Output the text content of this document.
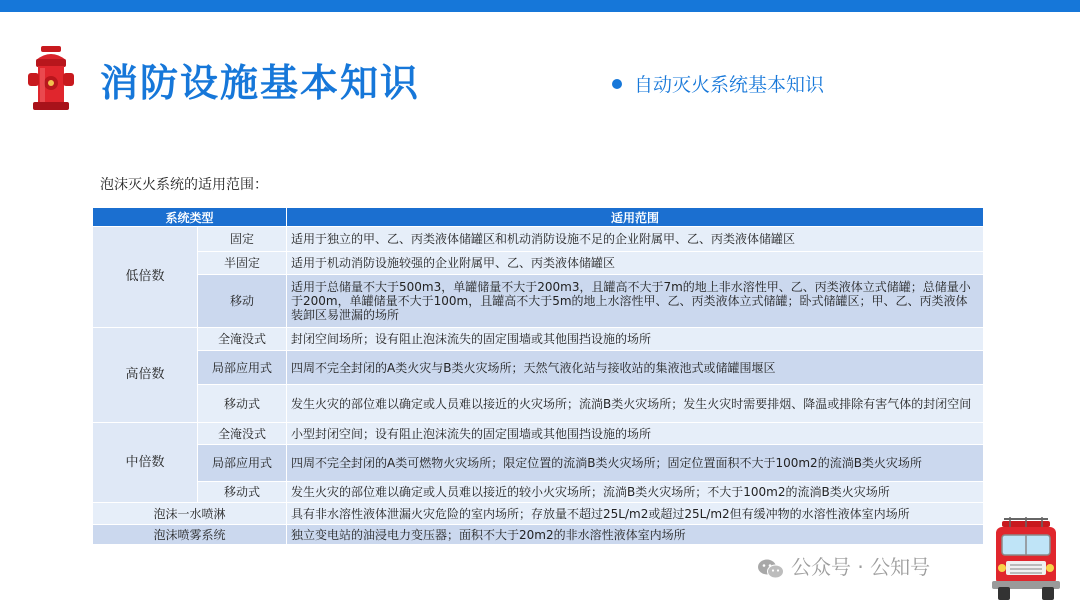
消防设施基本知识	自动灭火系统基本知识
泡沫灭火系统的适用范围：
系统类型		适用范围
低倍数	固定	适用于独立的甲、乙、丙类液体储罐区和机动消防设施不足的企业附属甲、乙、丙类液体储罐区
	半固定	适用于机动消防设施较强的企业附属甲、乙、丙类液体储罐区
	移动	适用于总储量不大于500m3，单罐储量不大于200m3，且罐高不大于7m的地上非水溶性甲、乙、丙类液体立式储罐；总储量小于200m，单罐储量不大于100m，且罐高不大于5m的地上水溶性甲、乙、丙类液体立式储罐；卧式储罐区；甲、乙、丙类液体装卸区易泄漏的场所
高倍数	全淹没式	封闭空间场所；设有阻止泡沫流失的固定围墙或其他围挡设施的场所
	局部应用式	四周不完全封闭的A类火灾与B类火灾场所；天然气液化站与接收站的集液池式或储罐围堰区
	移动式	发生火灾的部位难以确定或人员难以接近的火灾场所；流淌B类火灾场所；发生火灾时需要排烟、降温或排除有害气体的封闭空间
中倍数	全淹没式	小型封闭空间；设有阻止泡沫流失的固定围墙或其他围挡设施的场所
	局部应用式	四周不完全封闭的A类可燃物火灾场所；限定位置的流淌B类火灾场所；固定位置面积不大于100m2的流淌B类火灾场所
	移动式	发生火灾的部位难以确定或人员难以接近的较小火灾场所；流淌B类火灾场所；不大于100m2的流淌B类火灾场所
泡沫一水喷淋		具有非水溶性液体泄漏火灾危险的室内场所；存放量不超过25L/m2或超过25L/m2但有缓冲物的水溶性液体室内场所
泡沫喷雾系统		独立变电站的油浸电力变压器；面积不大于20m2的非水溶性液体室内场所
公众号 · 公知号
